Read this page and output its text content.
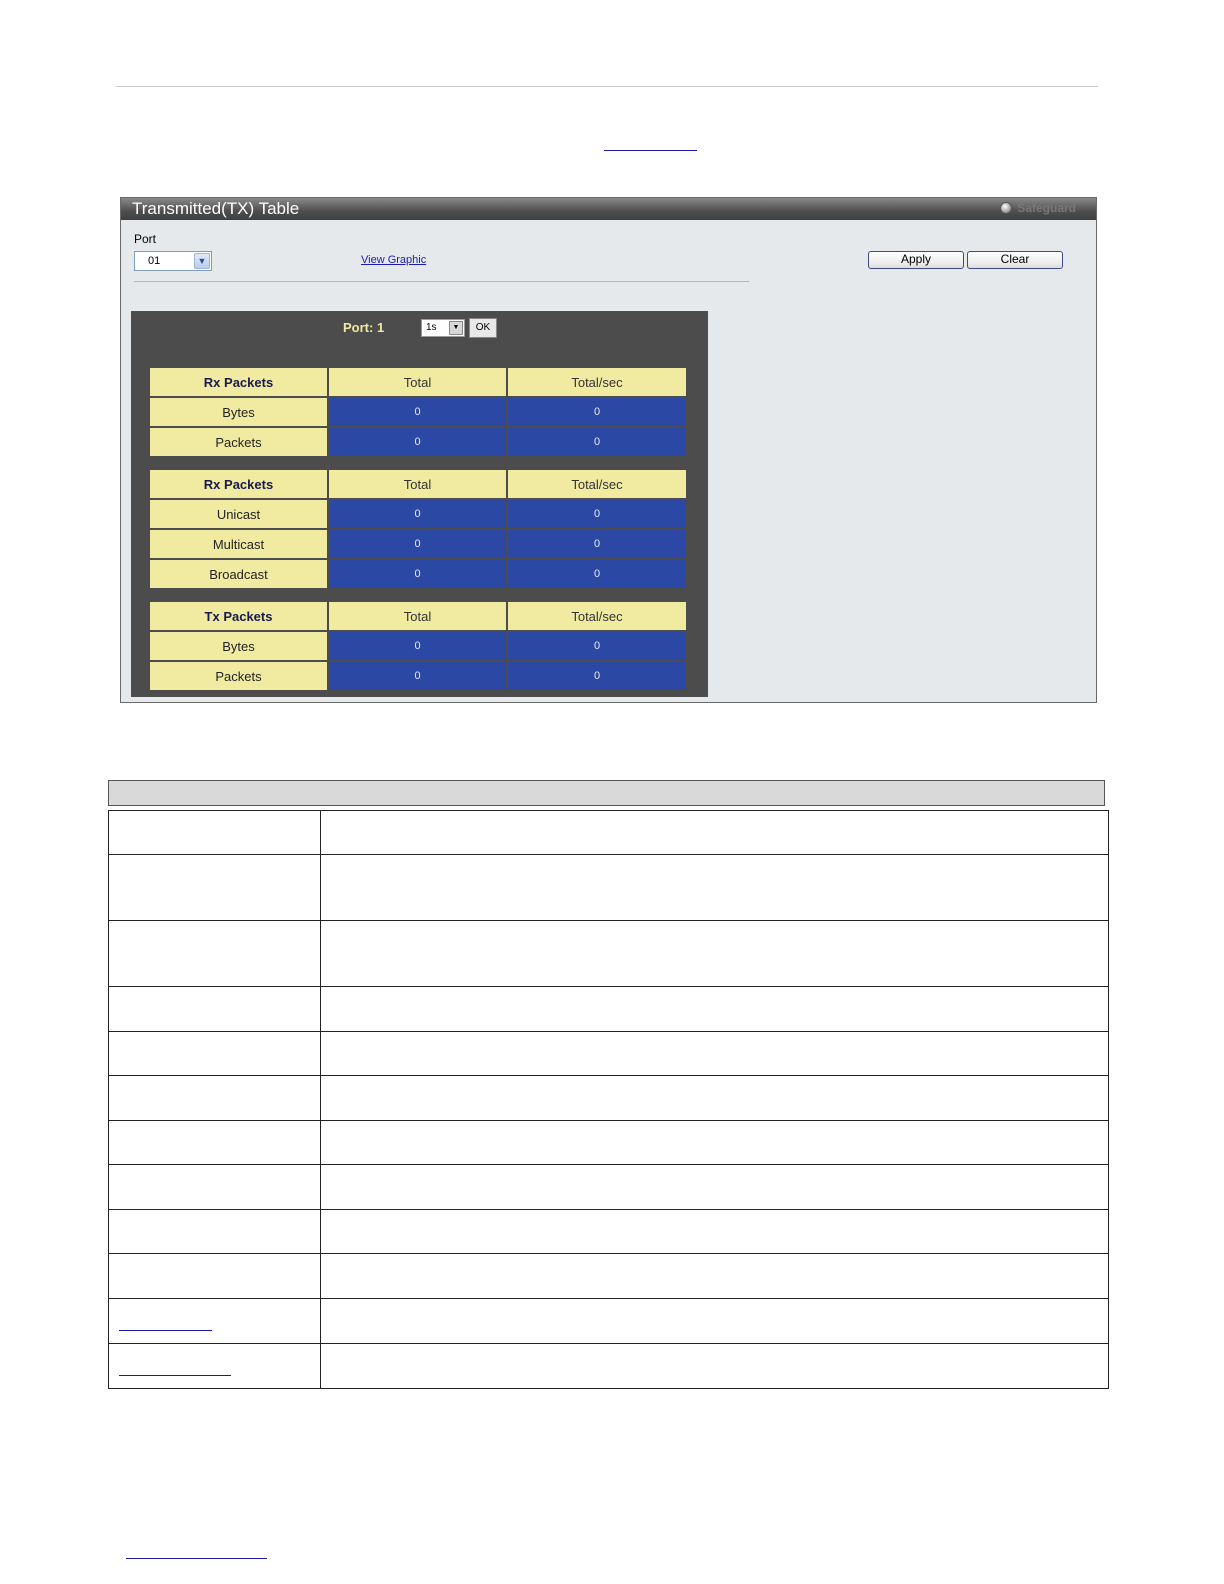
Transmitted(TX) Table	Safeguard
Port
01	▼	View Graphic	Apply	Clear
Port: 1	1s	▼	OK
Rx Packets	Total	Total/sec
Bytes	0	0
Packets	0	0
Rx Packets	Total	Total/sec
Unicast	0	0
Multicast	0	0
Broadcast	0	0
Tx Packets	Total	Total/sec
Bytes	0	0
Packets	0	0
